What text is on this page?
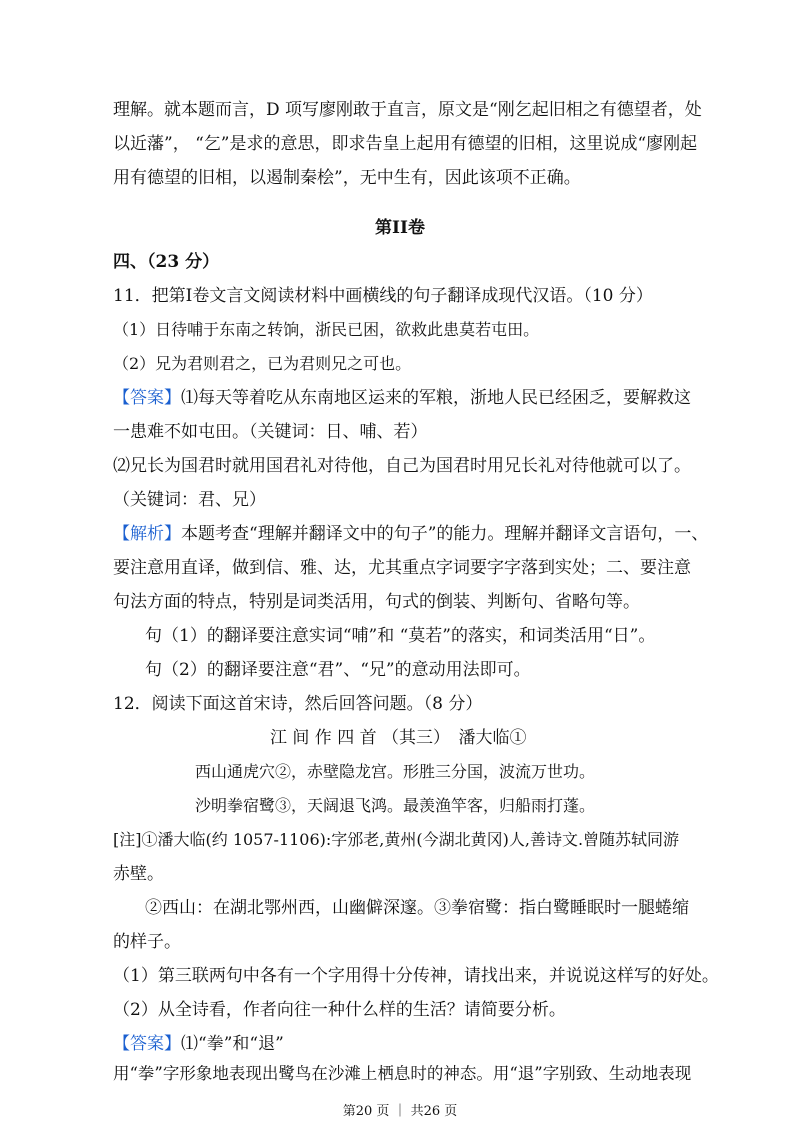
理解。就本题而言，D 项写廖刚敢于直言，原文是“刚乞起旧相之有德望者，处
以近藩”， “乞”是求的意思，即求告皇上起用有德望的旧相，这里说成“廖刚起
用有德望的旧相，以遏制秦桧”，无中生有，因此该项不正确。
第II卷
四、（23 分）
11．把第Ⅰ卷文言文阅读材料中画横线的句子翻译成现代汉语。（10 分）
（1）日待哺于东南之转饷，浙民已困，欲救此患莫若屯田。
（2）兄为君则君之，已为君则兄之可也。
【答案】⑴每天等着吃从东南地区运来的军粮，浙地人民已经困乏，要解救这
一患难不如屯田。（关键词：日、哺、若）
⑵兄长为国君时就用国君礼对待他，自己为国君时用兄长礼对待他就可以了。
（关键词：君、兄）
【解析】本题考查“理解并翻译文中的句子”的能力。理解并翻译文言语句，一、
要注意用直译，做到信、雅、达，尤其重点字词要字字落到实处；二、要注意
句法方面的特点，特别是词类活用，句式的倒装、判断句、省略句等。
句（1）的翻译要注意实词“哺”和 “莫若”的落实，和词类活用“日”。
句（2）的翻译要注意“君”、“兄”的意动用法即可。
12．阅读下面这首宋诗，然后回答问题。（8 分）
江 间 作 四 首 （其三）　潘大临①
西山通虎穴②，赤壁隐龙宫。形胜三分国，波流万世功。
沙明拳宿鹭③，天阔退飞鸿。最羡渔竿客，归船雨打蓬。
[注]①潘大临(约 1057-1106):字邠老,黄州(今湖北黄冈)人,善诗文.曾随苏轼同游
赤壁。
②西山：在湖北鄂州西，山幽僻深邃。③拳宿鹭：指白鹭睡眠时一腿蜷缩
的样子。
（1）第三联两句中各有一个字用得十分传神，请找出来，并说说这样写的好处。
（2）从全诗看，作者向往一种什么样的生活？请简要分析。
【答案】⑴“拳”和“退”
用“拳”字形象地表现出鹭鸟在沙滩上栖息时的神态。用“退”字别致、生动地表现
第20 页 ｜ 共26 页
